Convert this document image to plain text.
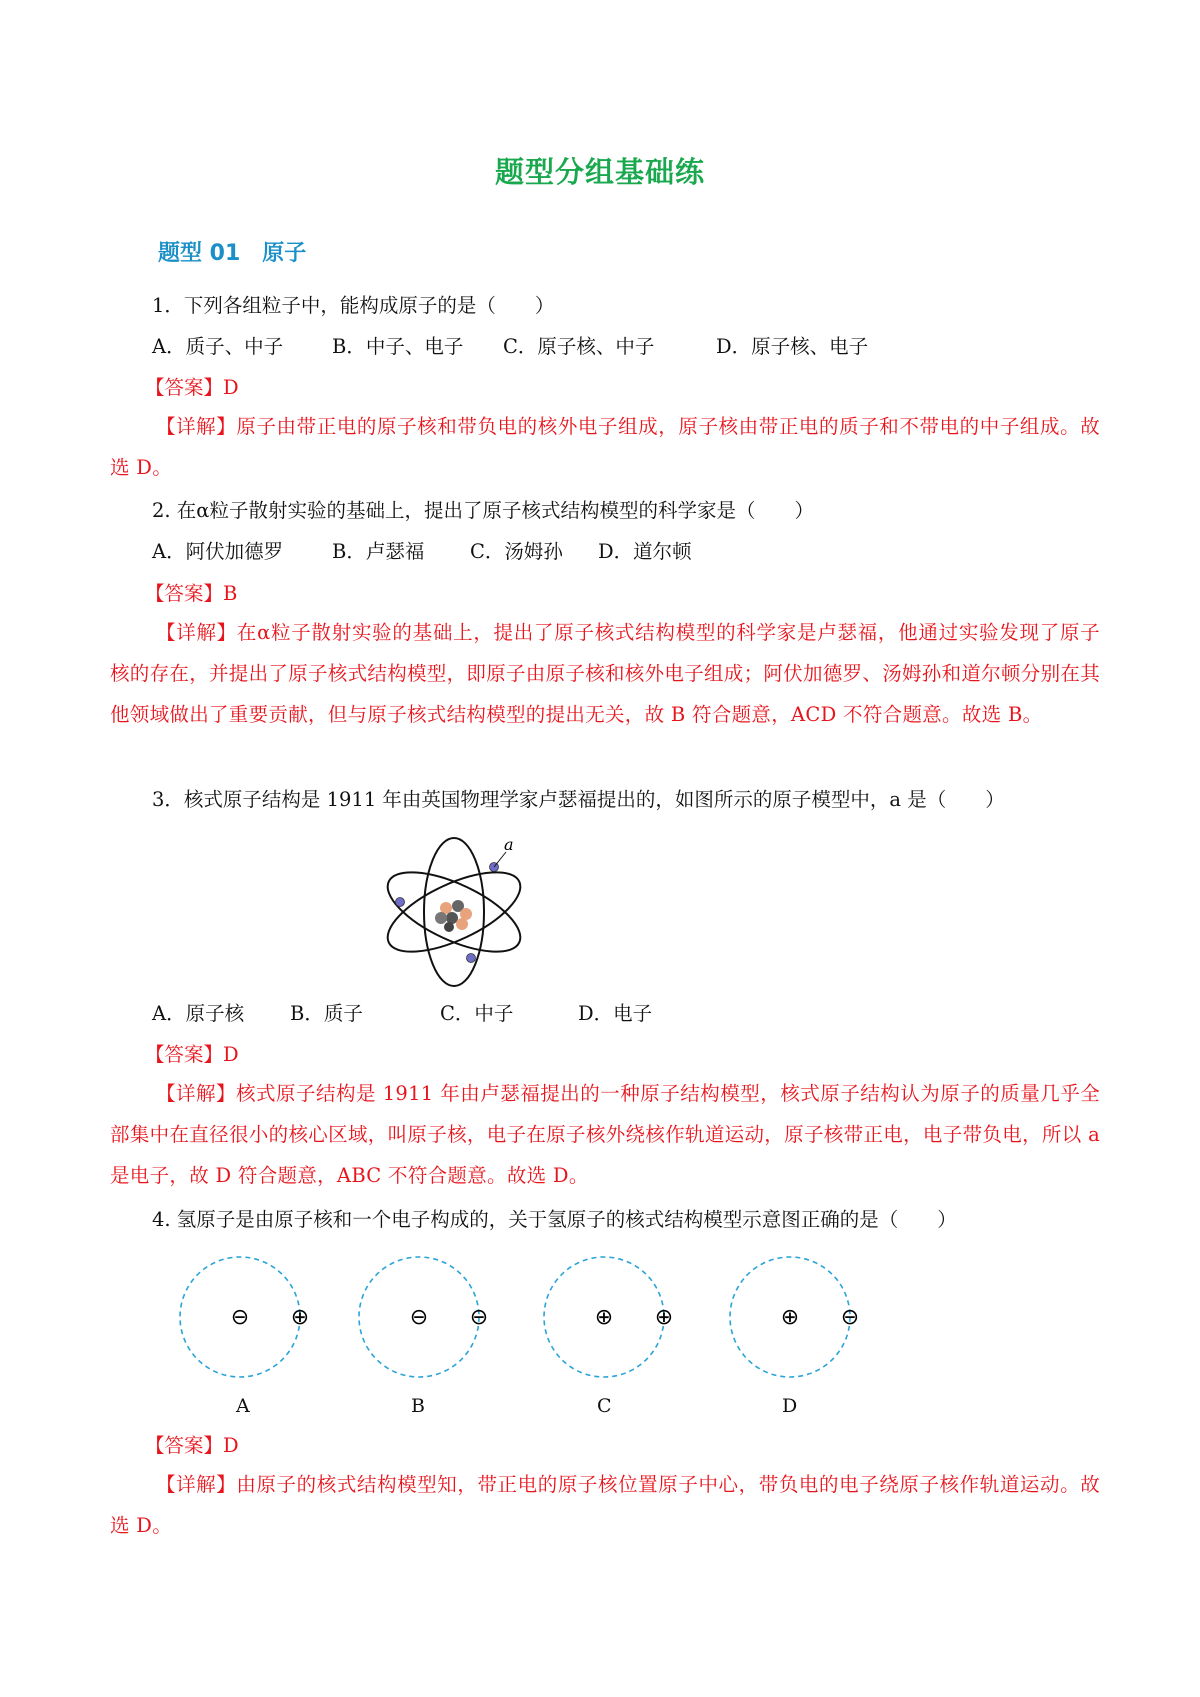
题型分组基础练
题型 01　原子
1．下列各组粒子中，能构成原子的是（　　）
A．质子、中子	B．中子、电子 C．原子核、中子	D．原子核、电子
【答案】D
【详解】原子由带正电的原子核和带负电的核外电子组成，原子核由带正电的质子和不带电的中子组成。故选 D。
2. 在α粒子散射实验的基础上，提出了原子核式结构模型的科学家是（　　）
A．阿伏加德罗	B．卢瑟福 C．汤姆孙 D．道尔顿
【答案】B
【详解】在α粒子散射实验的基础上，提出了原子核式结构模型的科学家是卢瑟福，他通过实验发现了原子核的存在，并提出了原子核式结构模型，即原子由原子核和核外电子组成；阿伏加德罗、汤姆孙和道尔顿分别在其他领域做出了重要贡献，但与原子核式结构模型的提出无关，故 B 符合题意，ACD 不符合题意。故选 B。
3．核式原子结构是 1911 年由英国物理学家卢瑟福提出的，如图所示的原子模型中，a 是（　　）
a
A．原子核 B．质子	C．中子	D．电子
【答案】D
【详解】核式原子结构是 1911 年由卢瑟福提出的一种原子结构模型，核式原子结构认为原子的质量几乎全部集中在直径很小的核心区域，叫原子核，电子在原子核外绕核作轨道运动，原子核带正电，电子带负电，所以 a 是电子，故 D 符合题意，ABC 不符合题意。故选 D。
4. 氢原子是由原子核和一个电子构成的，关于氢原子的核式结构模型示意图正确的是（　　）
⊖ ⊕
A
⊖ ⊖
B
⊕ ⊕
C
⊕ ⊖
D
【答案】D
【详解】由原子的核式结构模型知，带正电的原子核位置原子中心，带负电的电子绕原子核作轨道运动。故选 D。
